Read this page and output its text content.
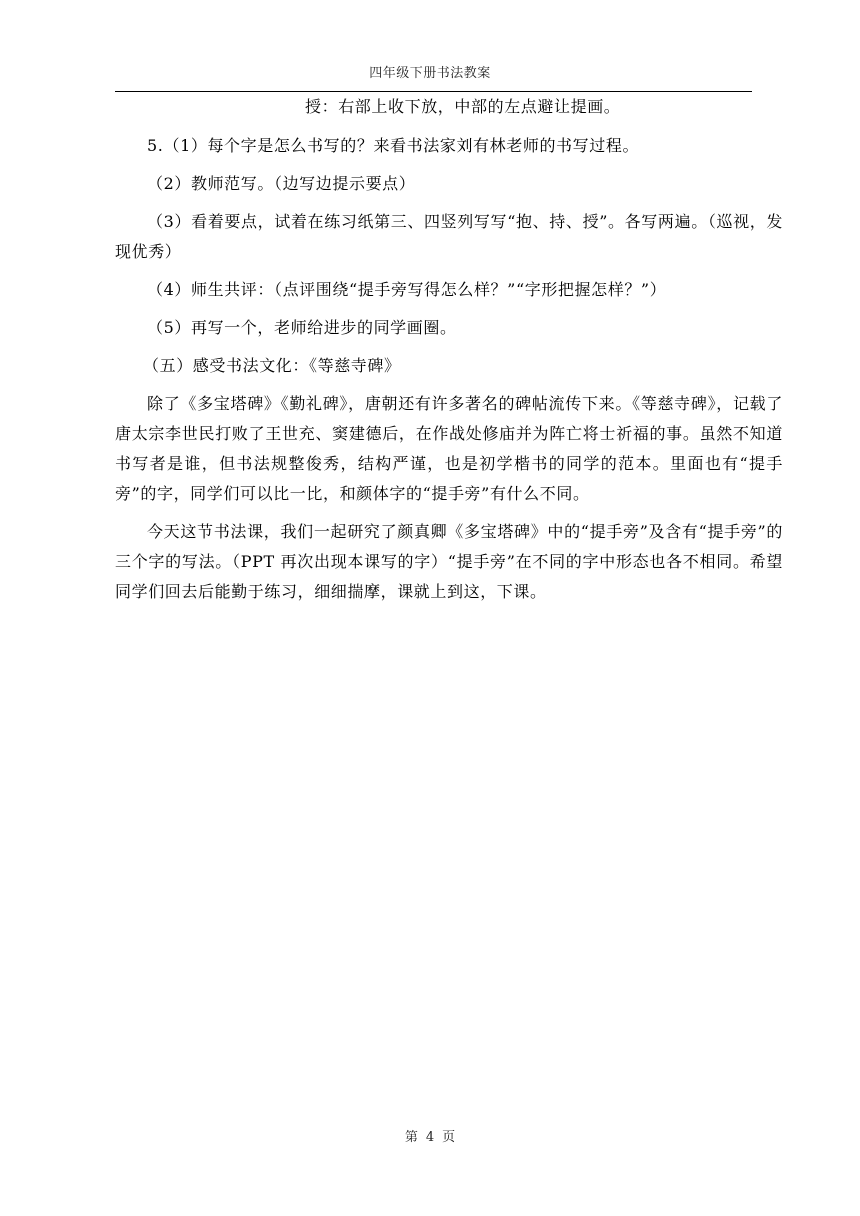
四年级下册书法教案

授：右部上收下放，中部的左点避让提画。

5.（1）每个字是怎么书写的？来看书法家刘有林老师的书写过程。

（2）教师范写。（边写边提示要点）

（3）看着要点，试着在练习纸第三、四竖列写写“抱、持、授”。各写两遍。（巡视，发现优秀）

（4）师生共评：（点评围绕“提手旁写得怎么样？”“字形把握怎样？”）

（5）再写一个，老师给进步的同学画圈。

（五）感受书法文化：《等慈寺碑》

除了《多宝塔碑》《勤礼碑》，唐朝还有许多著名的碑帖流传下来。《等慈寺碑》，记载了唐太宗李世民打败了王世充、窦建德后，在作战处修庙并为阵亡将士祈福的事。虽然不知道书写者是谁，但书法规整俊秀，结构严谨，也是初学楷书的同学的范本。里面也有“提手旁”的字，同学们可以比一比，和颜体字的“提手旁”有什么不同。

今天这节书法课，我们一起研究了颜真卿《多宝塔碑》中的“提手旁”及含有“提手旁”的三个字的写法。（PPT 再次出现本课写的字）“提手旁”在不同的字中形态也各不相同。希望同学们回去后能勤于练习，细细揣摩，课就上到这，下课。

第 4 页
